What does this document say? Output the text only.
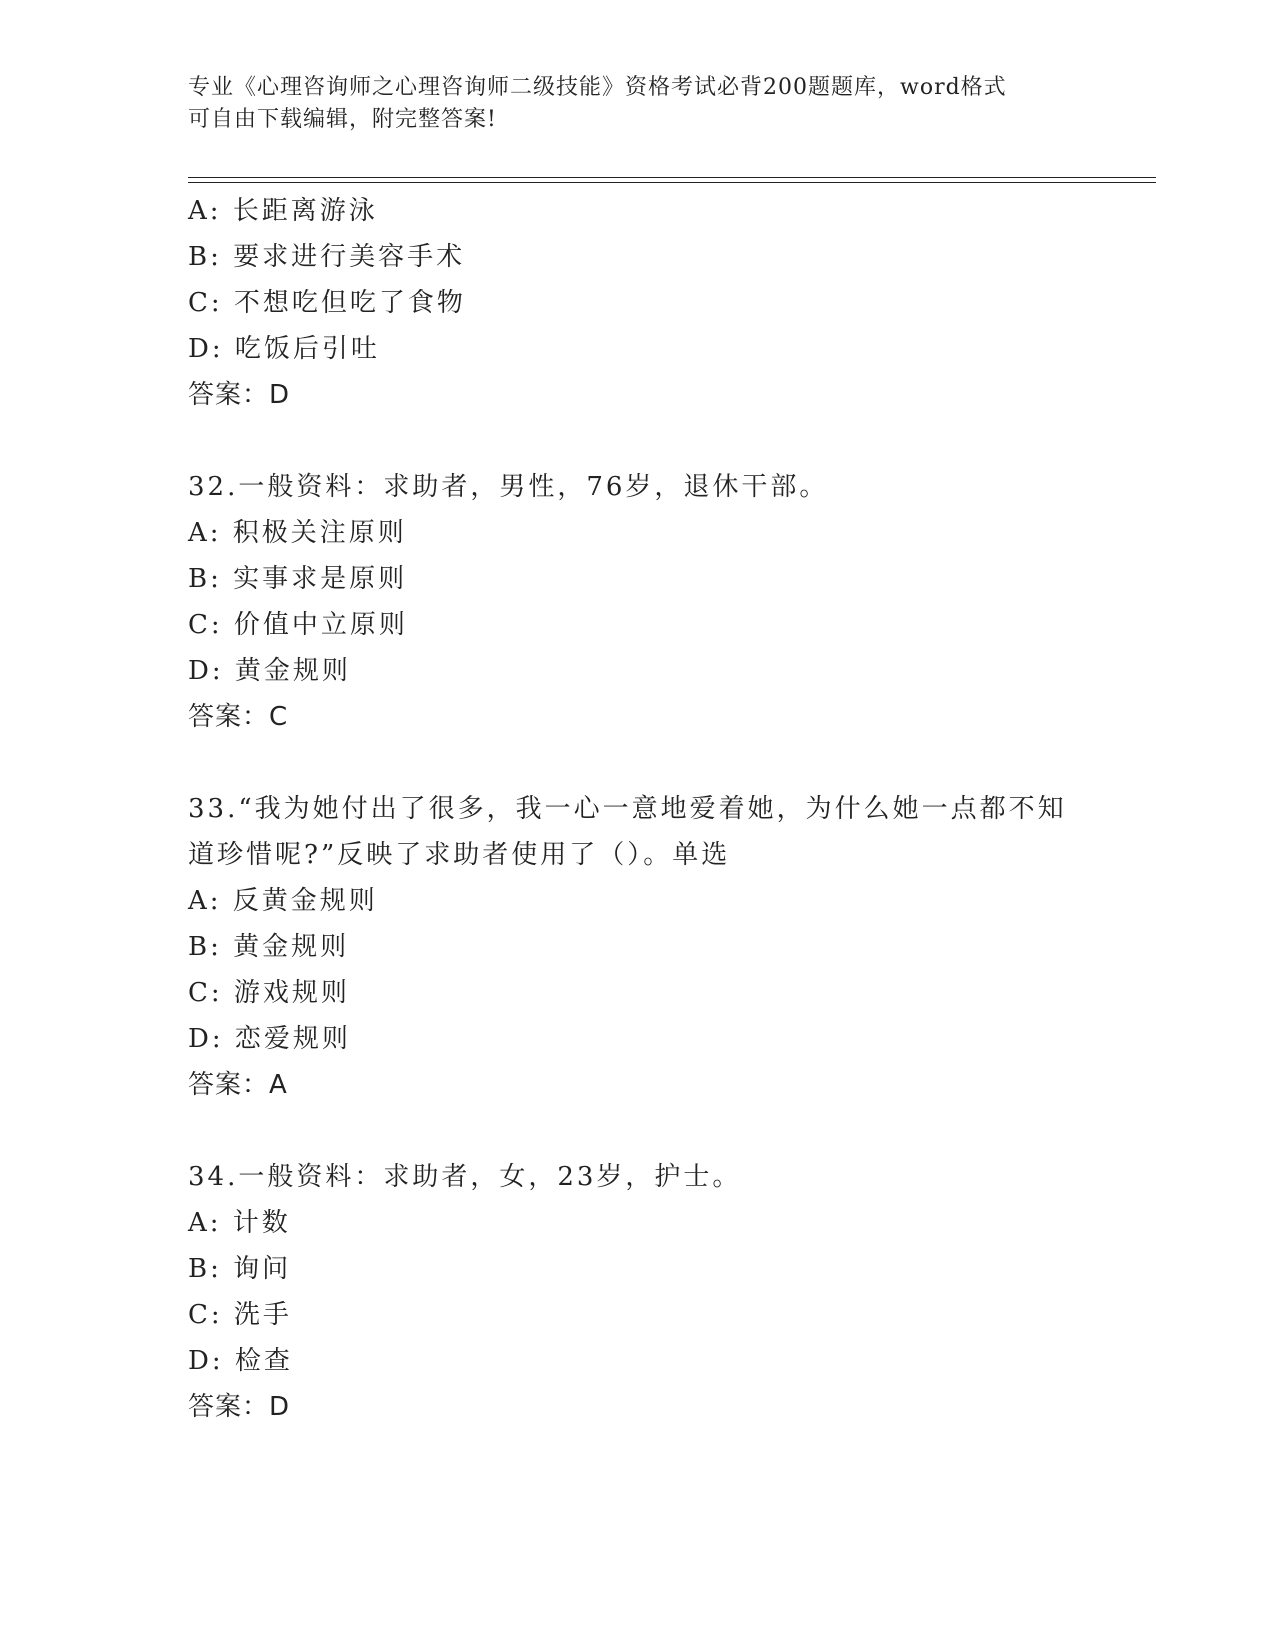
专业《心理咨询师之心理咨询师二级技能》资格考试必背200题题库，word格式
可自由下载编辑，附完整答案!
A: 长距离游泳
B: 要求进行美容手术
C: 不想吃但吃了食物
D: 吃饭后引吐
答案：D
32.一般资料：求助者，男性，76岁，退休干部。
A: 积极关注原则
B: 实事求是原则
C: 价值中立原则
D: 黄金规则
答案：C
33.“我为她付出了很多，我一心一意地爱着她，为什么她一点都不知
道珍惜呢?”反映了求助者使用了（）。单选
A: 反黄金规则
B: 黄金规则
C: 游戏规则
D: 恋爱规则
答案：A
34.一般资料：求助者，女，23岁，护士。
A: 计数
B: 询问
C: 洗手
D: 检查
答案：D
